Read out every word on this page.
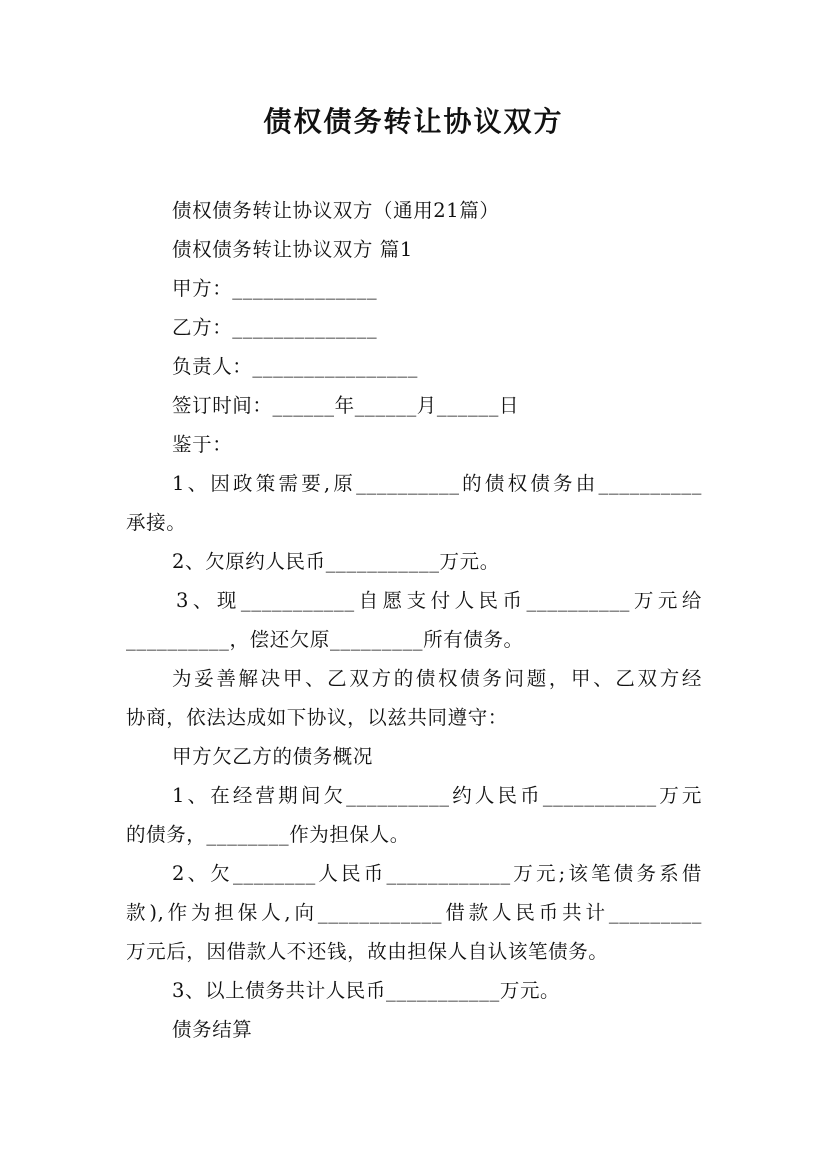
债权债务转让协议双方

债权债务转让协议双方（通用21篇）

债权债务转让协议双方 篇1

甲方：______________

乙方：______________

负责人：________________

签订时间：______年______月______日

鉴于：

1、因政策需要,原__________的债权债务由__________

承接。

2、欠原约人民币___________万元。

3、现___________自愿支付人民币__________万元给

__________，偿还欠原_________所有债务。

为妥善解决甲、乙双方的债权债务问题，甲、乙双方经

协商，依法达成如下协议，以兹共同遵守：

甲方欠乙方的债务概况

1、在经营期间欠__________约人民币___________万元

的债务，________作为担保人。

2、欠________人民币____________万元;该笔债务系借

款),作为担保人,向____________借款人民币共计_________

万元后，因借款人不还钱，故由担保人自认该笔债务。

3、以上债务共计人民币___________万元。

债务结算
